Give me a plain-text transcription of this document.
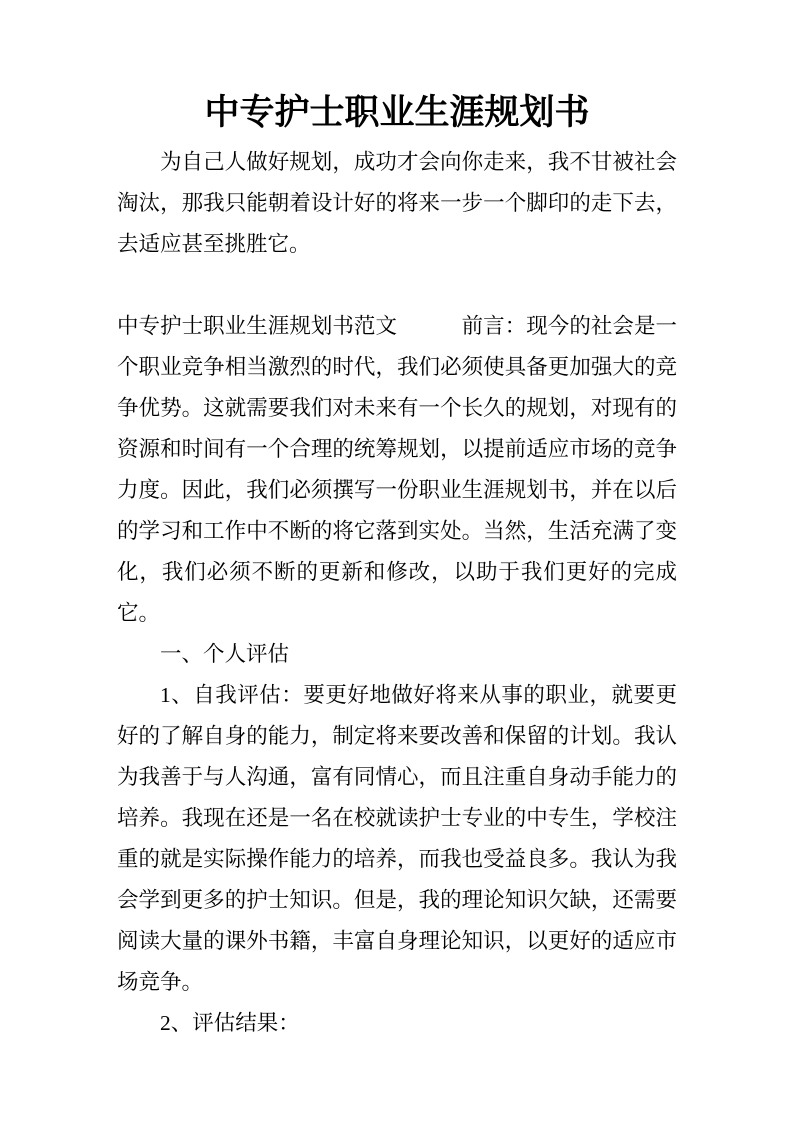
中专护士职业生涯规划书

为自己人做好规划，成功才会向你走来，我不甘被社会淘汰，那我只能朝着设计好的将来一步一个脚印的走下去，去适应甚至挑胜它。

中专护士职业生涯规划书范文　　　前言：现今的社会是一个职业竞争相当激烈的时代，我们必须使具备更加强大的竞争优势。这就需要我们对未来有一个长久的规划，对现有的资源和时间有一个合理的统筹规划，以提前适应市场的竞争力度。因此，我们必须撰写一份职业生涯规划书，并在以后的学习和工作中不断的将它落到实处。当然，生活充满了变化，我们必须不断的更新和修改，以助于我们更好的完成它。

一、个人评估

1、自我评估：要更好地做好将来从事的职业，就要更好的了解自身的能力，制定将来要改善和保留的计划。我认为我善于与人沟通，富有同情心，而且注重自身动手能力的培养。我现在还是一名在校就读护士专业的中专生，学校注重的就是实际操作能力的培养，而我也受益良多。我认为我会学到更多的护士知识。但是，我的理论知识欠缺，还需要阅读大量的课外书籍，丰富自身理论知识，以更好的适应市场竞争。

2、评估结果：
